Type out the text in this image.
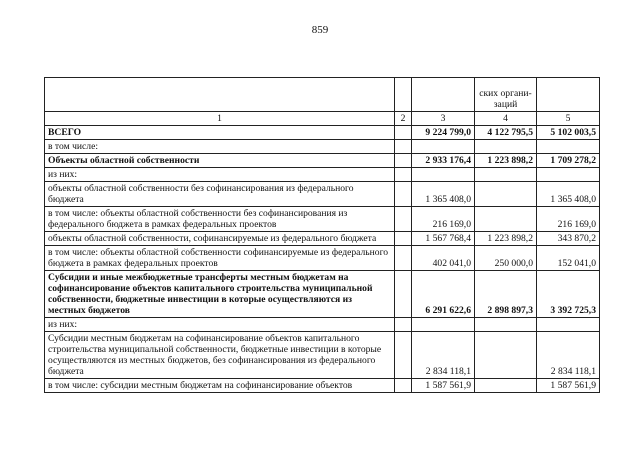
859
			ских органи-
заций	
1	2	3	4	5
ВСЕГО		9 224 799,0	4 122 795,5	5 102 003,5
в том числе:				
Объекты областной собственности		2 933 176,4	1 223 898,2	1 709 278,2
из них:				
объекты областной собственности без софинансирования из федерального бюджета		1 365 408,0		1 365 408,0
в том числе: объекты областной собственности без софинансирования из федерального бюджета в рамках федеральных проектов		216 169,0		216 169,0
объекты областной собственности, софинансируемые из федерального бюджета		1 567 768,4	1 223 898,2	343 870,2
в том числе: объекты областной собственности софинансируемые из федерального бюджета в рамках федеральных проектов		402 041,0	250 000,0	152 041,0
Субсидии и иные межбюджетные трансферты местным бюджетам на софинансирование объектов капитального строительства муниципальной собственности, бюджетные инвестиции в которые осуществляются из местных бюджетов		6 291 622,6	2 898 897,3	3 392 725,3
из них:				
Субсидии местным бюджетам на софинансирование объектов капитального строительства муниципальной собственности, бюджетные инвестиции в которые осуществляются из местных бюджетов, без софинансирования из федерального бюджета		2 834 118,1		2 834 118,1
в том числе: субсидии местным бюджетам на софинансирование объектов		1 587 561,9		1 587 561,9
